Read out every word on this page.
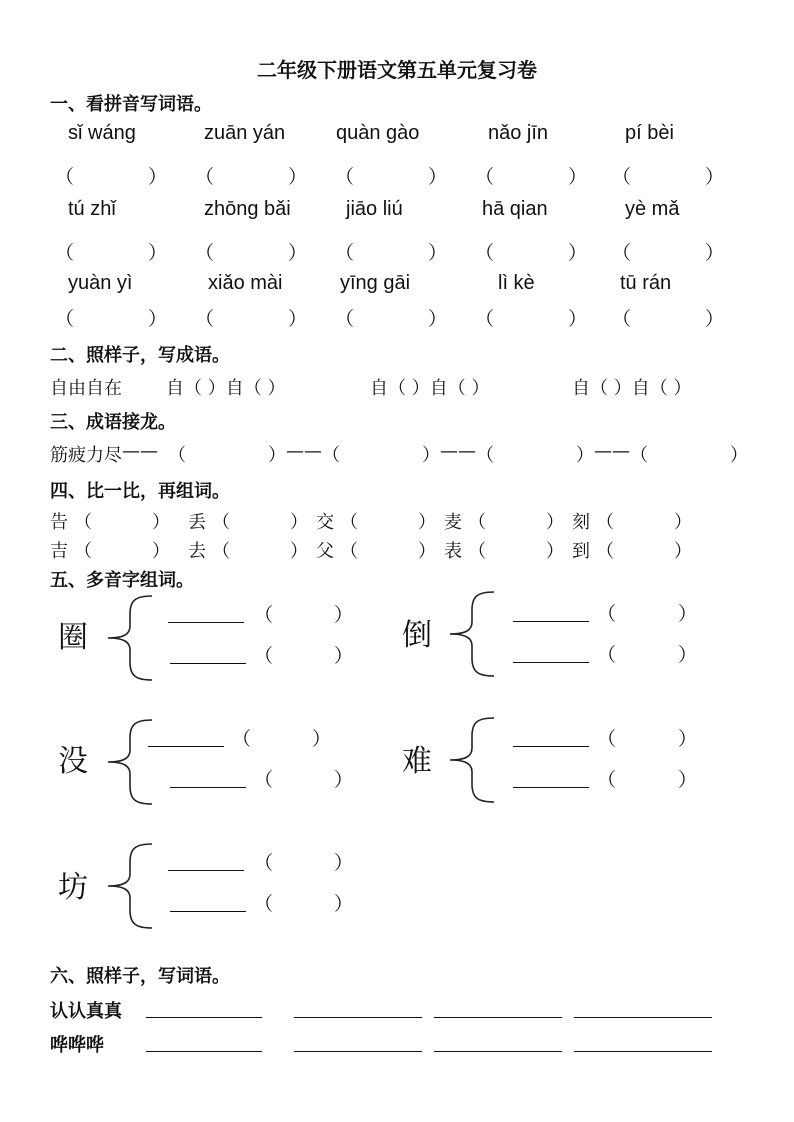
二年级下册语文第五单元复习卷
一、看拼音写词语。
sǐ wáng	zuān yán	quàn gào	nǎo jīn	pí bèi
（	） （	） （	） （	） （	）
tú zhǐ	zhōng bǎi	jiāo liú	hā qian	yè mǎ
（	） （	） （	） （	） （	）
yuàn yì	xiǎo mài	yīng gāi	lì kè	tū rán
（	） （	） （	） （	） （	）
二、照样子，写成语。
自由自在 自（ ）自（ ）	自（ ）自（ ）	自（ ）自（ ）
三、成语接龙。
筋疲力尽 —— （	） —— （	） —— （	） —— （	）
四、比一比，再组词。
告 （	） 丢 （	） 交 （	） 麦 （	） 刻 （	）
吉 （	） 去 （	） 父 （	） 表 （	） 到 （	）
五、多音字组词。
圈
（	）
（	）
倒
（	）
（	）
没
（	）
（	）
难
（	）
（	）
坊
（	）
（	）
六、照样子，写词语。
认认真真
哗哗哗
